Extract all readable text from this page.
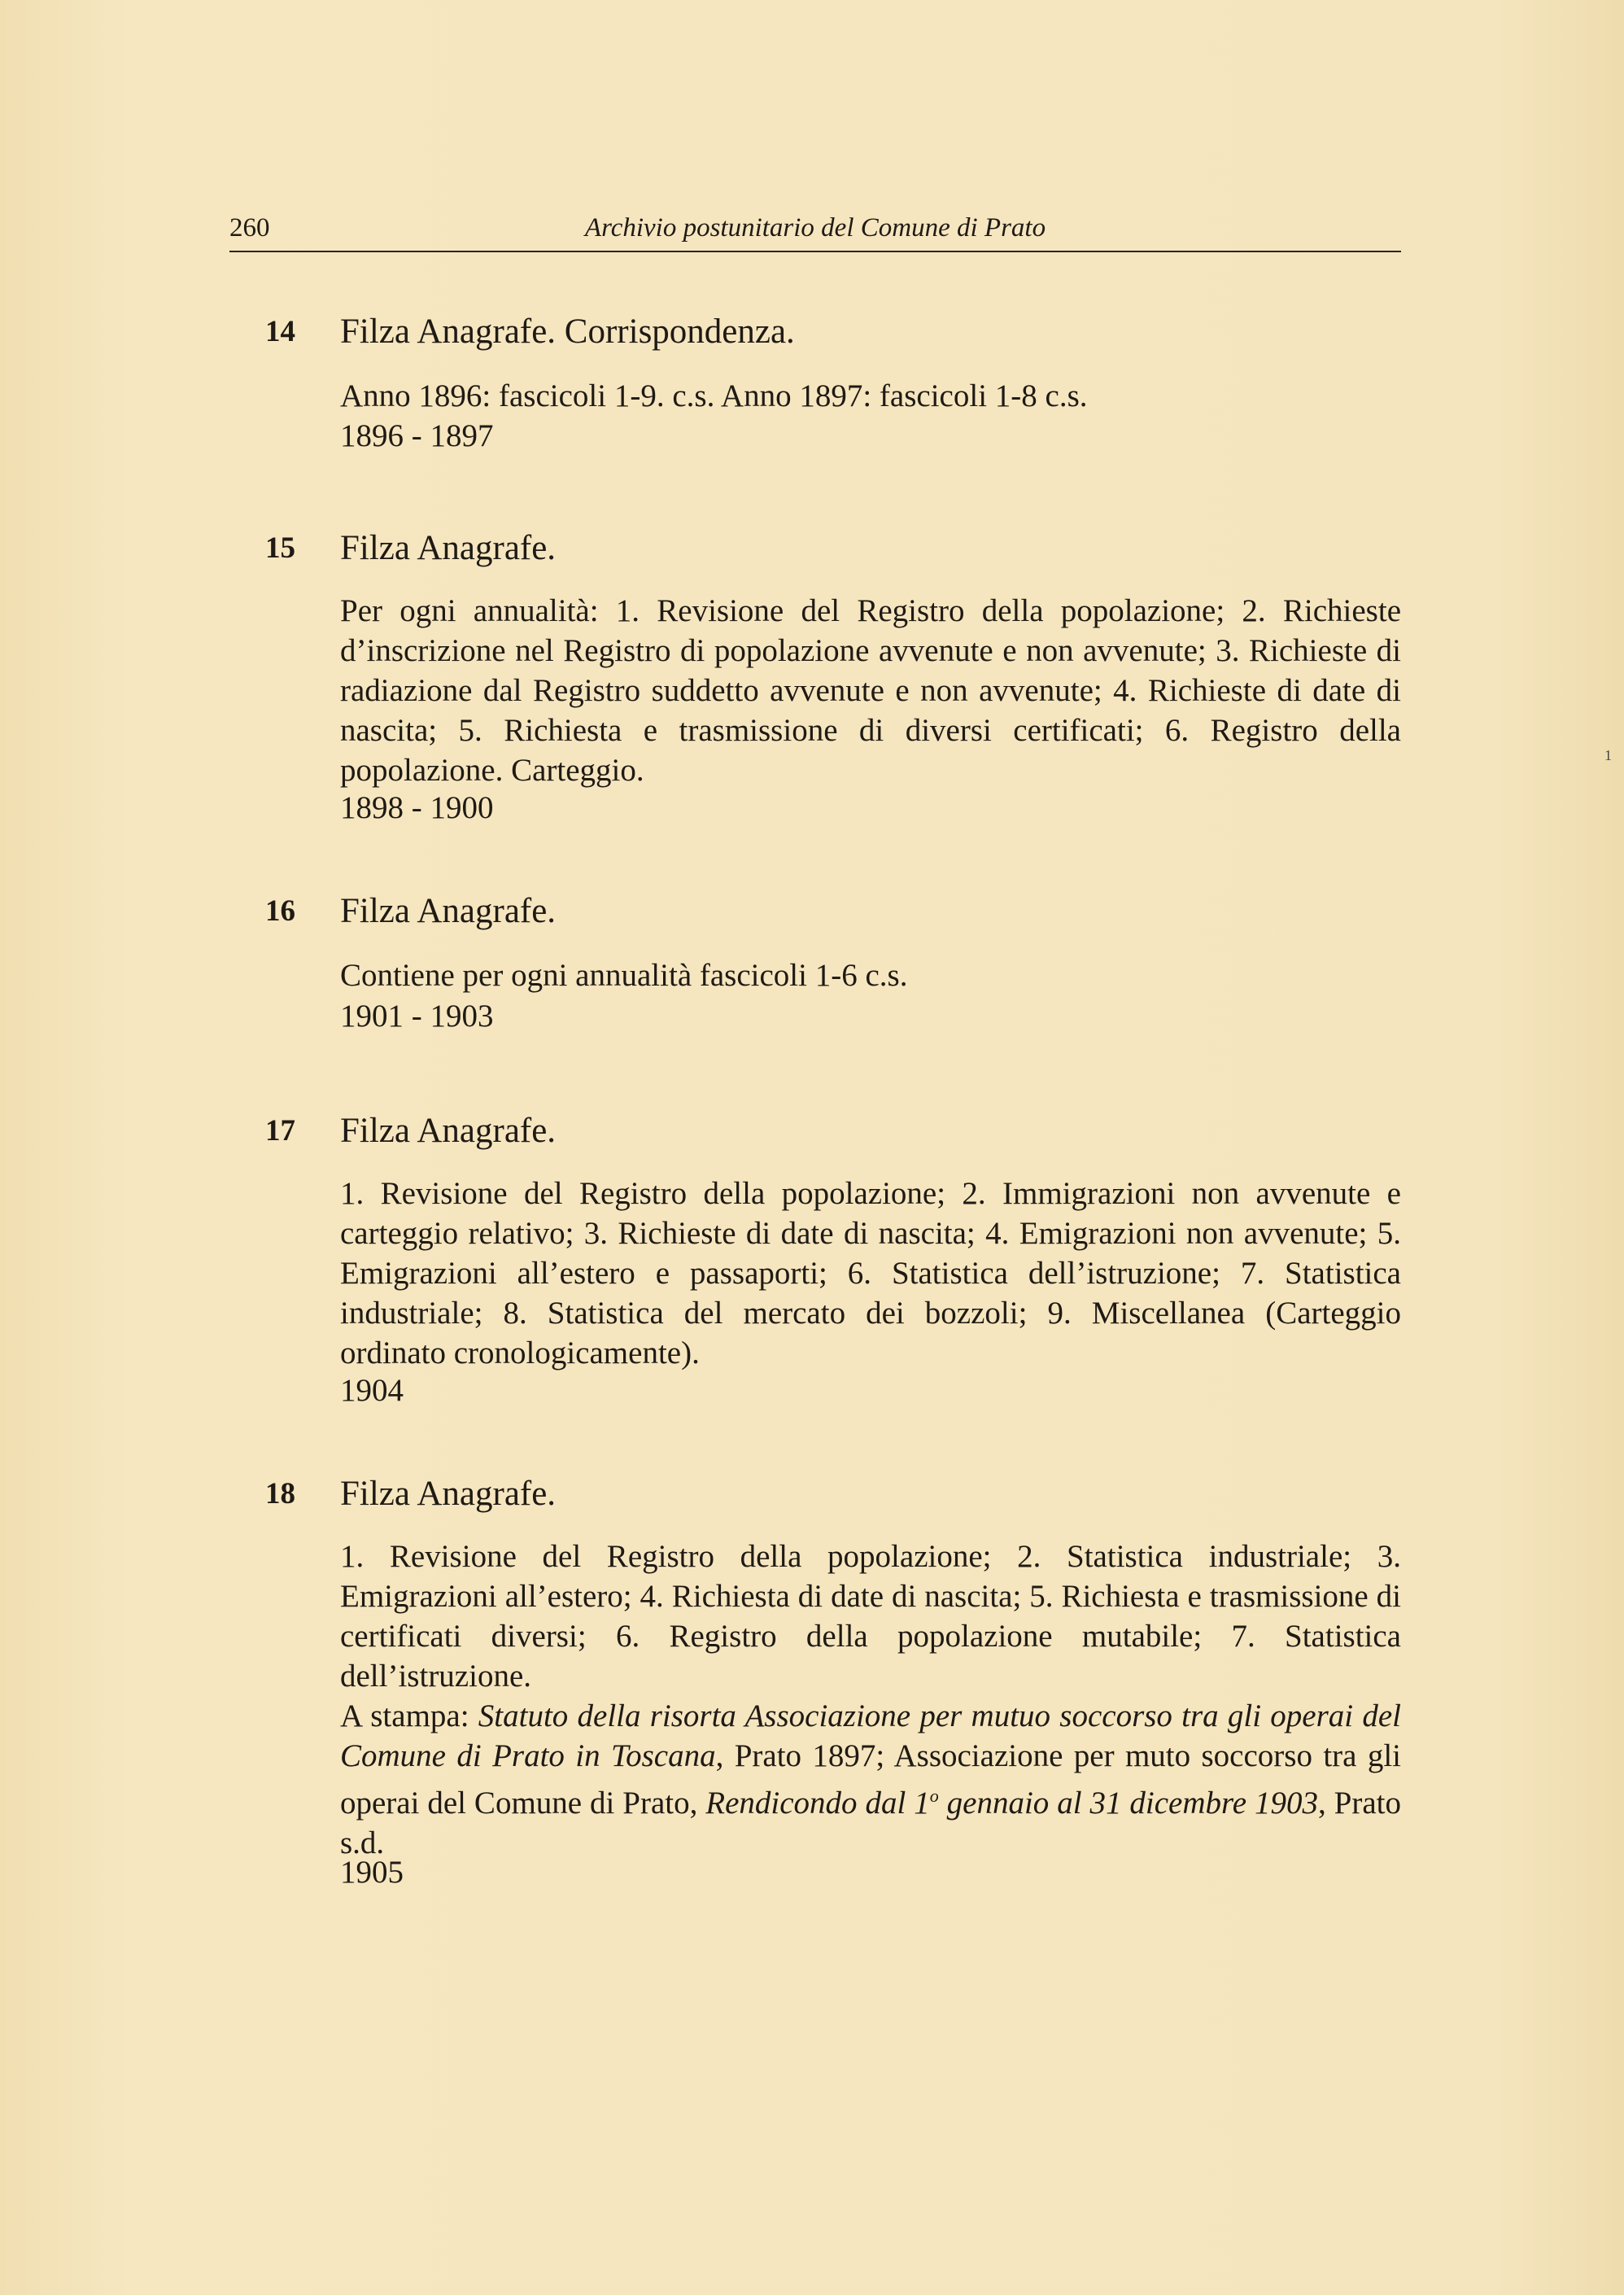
260	Archivio postunitario del Comune di Prato
14 Filza Anagrafe. Corrispondenza.

Anno 1896: fascicoli 1-9. c.s. Anno 1897: fascicoli 1-8 c.s.

1896 - 1897
15 Filza Anagrafe.

Per ogni annualità: 1. Revisione del Registro della popolazione; 2. Richieste d’inscrizione nel Registro di popolazione avvenute e non avvenute; 3. Richieste di radiazione dal Registro suddetto avvenute e non avvenute; 4. Richieste di date di nascita; 5. Richiesta e trasmissione di diversi certificati; 6. Registro della popolazione. Carteggio.

1898 - 1900
16 Filza Anagrafe.

Contiene per ogni annualità fascicoli 1-6 c.s.

1901 - 1903
17 Filza Anagrafe.

1. Revisione del Registro della popolazione; 2. Immigrazioni non avvenute e carteggio relativo; 3. Richieste di date di nascita; 4. Emigrazioni non avvenute; 5. Emigrazioni all’estero e passaporti; 6. Statistica dell’istruzione; 7. Statistica industriale; 8. Statistica del mercato dei bozzoli; 9. Miscellanea (Carteggio ordinato cronologicamente).

1904
18 Filza Anagrafe.

1. Revisione del Registro della popolazione; 2. Statistica industriale; 3. Emigrazioni all’estero; 4. Richiesta di date di nascita; 5. Richiesta e trasmissione di certificati diversi; 6. Registro della popolazione mutabile; 7. Statistica dell’istruzione.

A stampa: Statuto della risorta Associazione per mutuo soccorso tra gli operai del Comune di Prato in Toscana, Prato 1897; Associazione per muto soccorso tra gli operai del Comune di Prato, Rendicondo dal 1$^o$ gennaio al 31 dicembre 1903, Prato s.d.

1905
1
